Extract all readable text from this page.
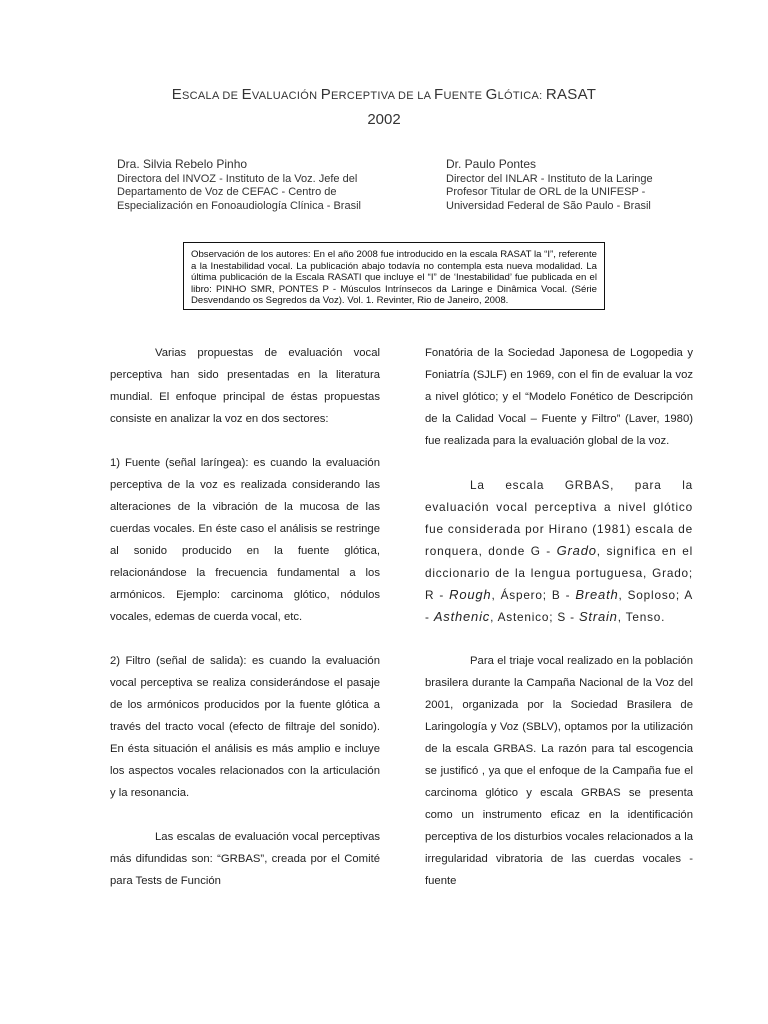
ESCALA DE EVALUACIÓN PERCEPTIVA DE LA FUENTE GLÓTICA: RASAT
2002
Dra. Silvia Rebelo Pinho
Directora del INVOZ - Instituto de la Voz. Jefe del
Departamento de Voz de CEFAC - Centro de
Especialización en Fonoaudiología Clínica - Brasil
Dr. Paulo Pontes
Director del INLAR - Instituto de la Laringe
Profesor Titular de ORL de la UNIFESP -
Universidad Federal de São Paulo - Brasil
Observación de los autores: En el año 2008 fue introducido en la escala RASAT la “I”, referente a la Inestabilidad vocal. La publicación abajo todavía no contempla esta nueva modalidad. La última publicación de la Escala RASATI que incluye el “I” de ‘Inestabilidad’ fue publicada en el libro: PINHO SMR, PONTES P - Músculos Intrínsecos da Laringe e Dinâmica Vocal. (Série Desvendando os Segredos da Voz). Vol. 1. Revinter, Rio de Janeiro, 2008.

Varias propuestas de evaluación vocal perceptiva han sido presentadas en la literatura mundial. El enfoque principal de éstas propuestas consiste en analizar la voz en dos sectores:

1) Fuente (señal laríngea): es cuando la evaluación perceptiva de la voz es realizada considerando las alteraciones de la vibración de la mucosa de las cuerdas vocales. En éste caso el análisis se restringe al sonido producido en la fuente glótica, relacionándose la frecuencia fundamental a los armónicos. Ejemplo: carcinoma glótico, nódulos vocales, edemas de cuerda vocal, etc.

2) Filtro (señal de salida): es cuando la evaluación vocal perceptiva se realiza considerándose el pasaje de los armónicos producidos por la fuente glótica a través del tracto vocal (efecto de filtraje del sonido). En ésta situación el análisis es más amplio e incluye los aspectos vocales relacionados con la articulación y la resonancia.

Las escalas de evaluación vocal perceptivas más difundidas son: “GRBAS”, creada por el Comité para Tests de Función

Fonatória de la Sociedad Japonesa de Logopedia y Foniatría (SJLF) en 1969, con el fin de evaluar la voz a nivel glótico; y el “Modelo Fonético de Descripción de la Calidad Vocal – Fuente y Filtro” (Laver, 1980) fue realizada para la evaluación global de la voz.

La escala GRBAS, para la evaluación vocal perceptiva a nivel glótico fue considerada por Hirano (1981) escala de ronquera, donde G - Grado, significa en el diccionario de la lengua portuguesa, Grado; R - Rough, Áspero; B - Breath, Soploso; A - Asthenic, Astenico; S - Strain, Tenso.

Para el triaje vocal realizado en la población brasilera durante la Campaña Nacional de la Voz del 2001, organizada por la Sociedad Brasilera de Laringología y Voz (SBLV), optamos por la utilización de la escala GRBAS. La razón para tal escogencia se justificó , ya que el enfoque de la Campaña fue el carcinoma glótico y escala GRBAS se presenta como un instrumento eficaz en la identificación perceptiva de los disturbios vocales relacionados a la irregularidad vibratoria de las cuerdas vocales - fuente
